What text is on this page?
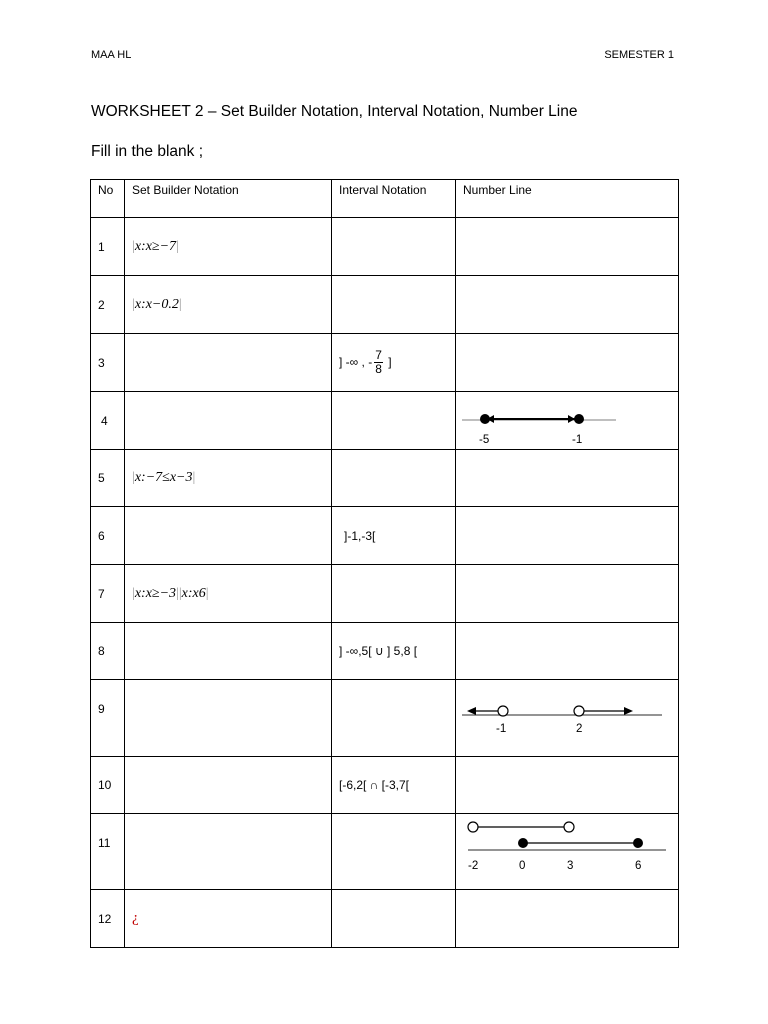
MAA HL	SEMESTER 1
WORKSHEET 2 – Set Builder Notation, Interval Notation, Number Line
Fill in the blank ;
No	Set Builder Notation	Interval Notation	Number Line
1	|x:x≥−7|		
2	|x:x−0.2|		
3		] -∞ , - $\frac{7}{8}$ ]	
4			-5 -1

5	|x:−7≤x−3|		
6		]-1,-3[	
7	|x:x≥−3||x:x6|		
8		] -∞,5[ ∪ ] 5,8 [	
9			-1 2

10		[-6,2[ ∩ [-3,7[	
11			-2 0 3 6

12	¿		
